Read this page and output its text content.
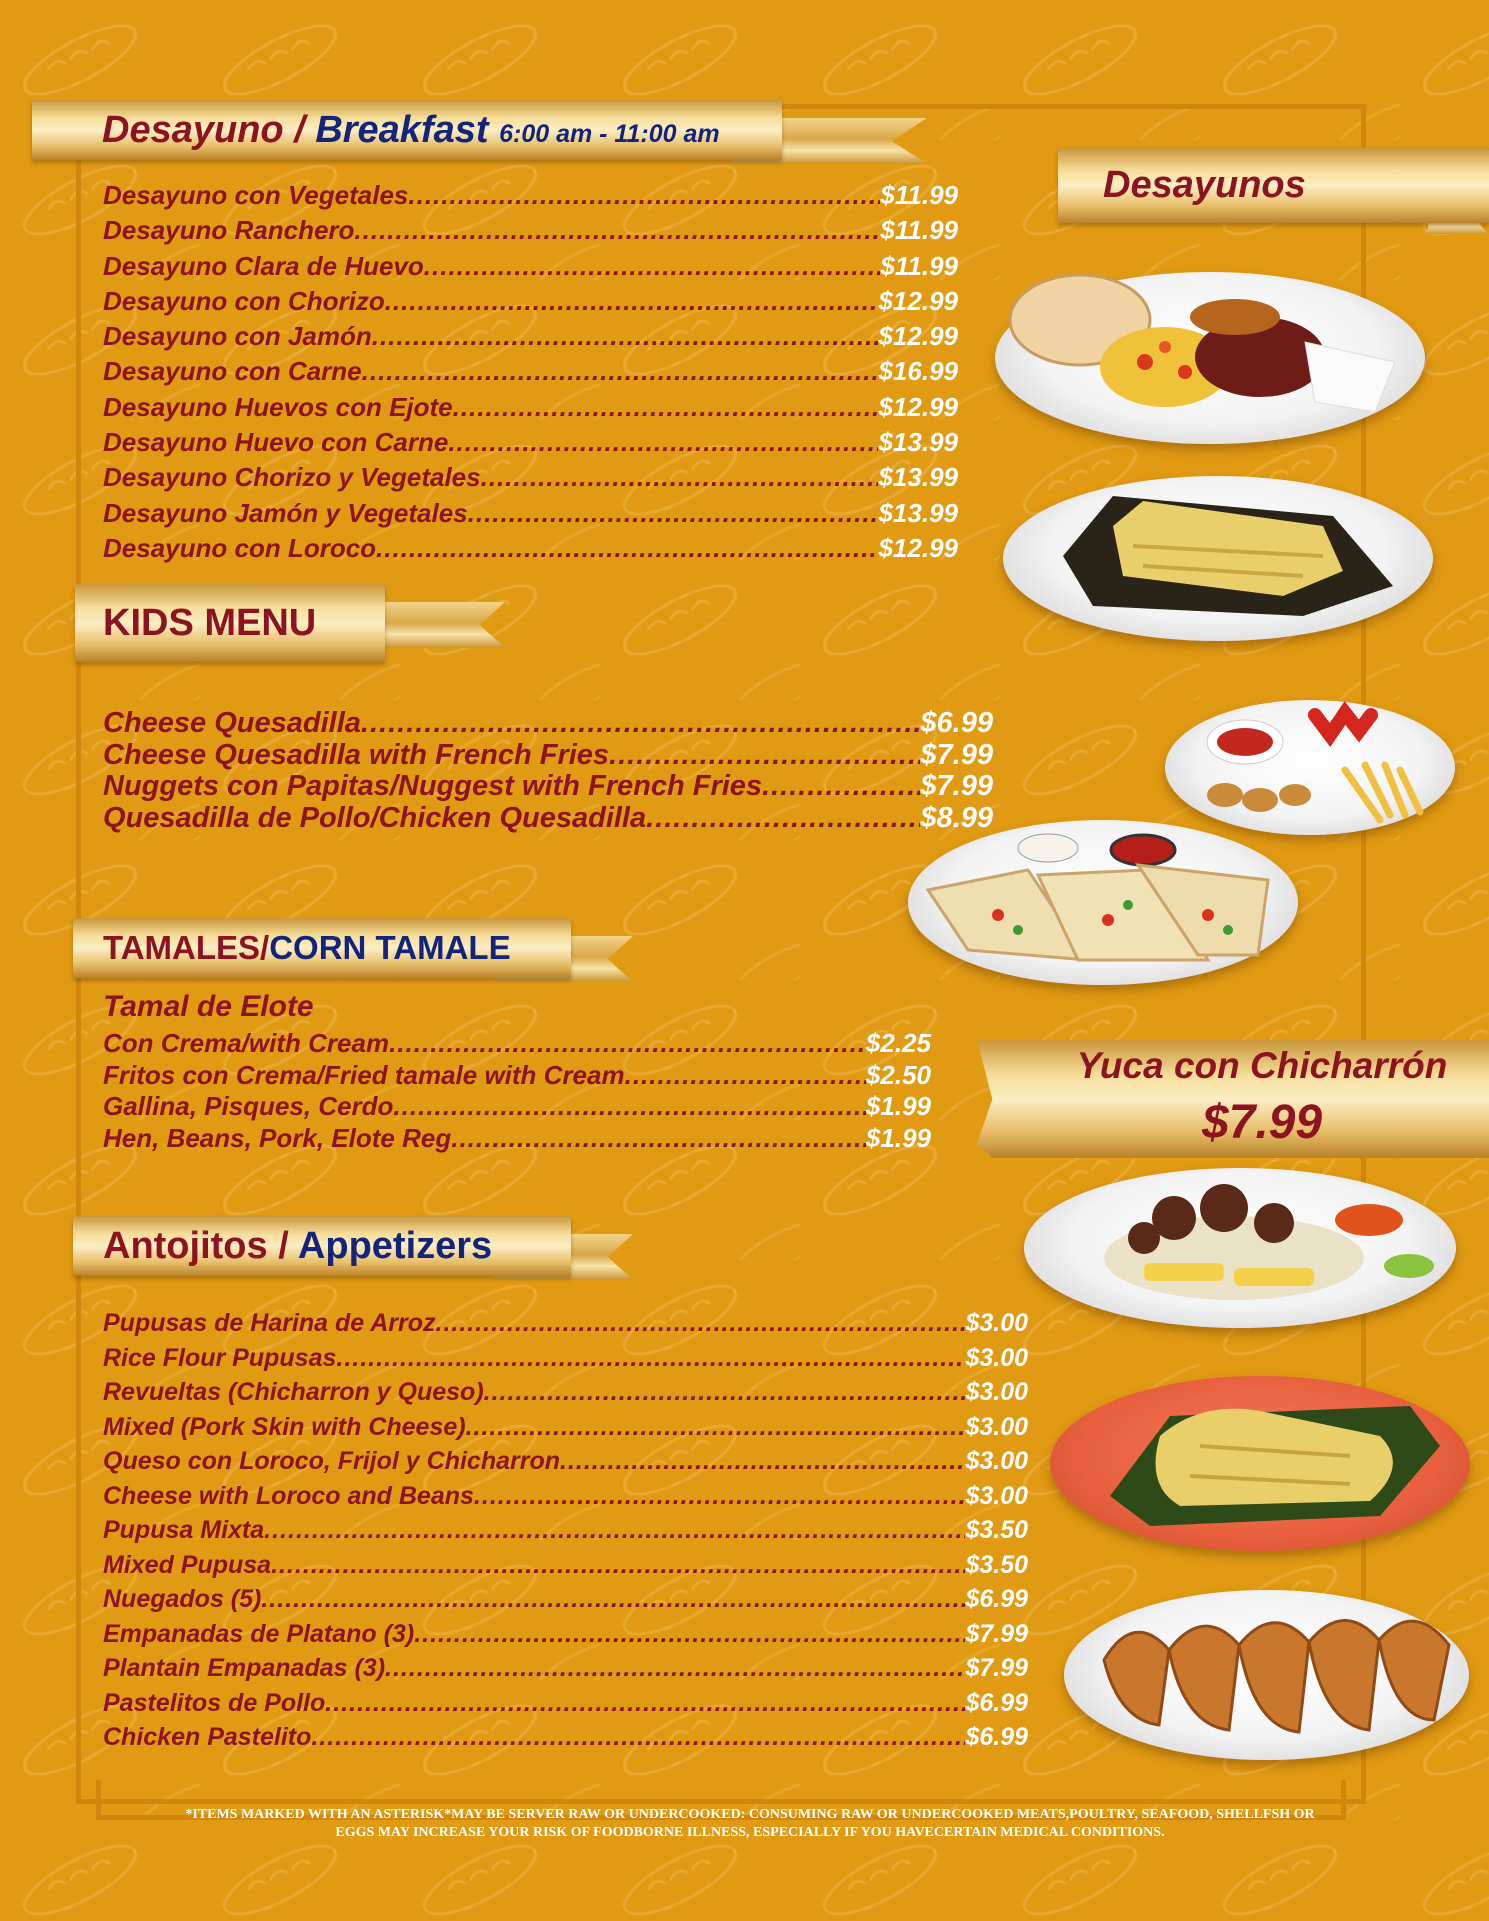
Desayuno / Breakfast 6:00 am - 11:00 am
Desayuno con Vegetales .....	$11.99
Desayuno Ranchero .....	$11.99
Desayuno Clara de Huevo .....	$11.99
Desayuno con Chorizo .....	$12.99
Desayuno con Jamón .....	$12.99
Desayuno con Carne .....	$16.99
Desayuno Huevos con Ejote .....	$12.99
Desayuno Huevo con Carne .....	$13.99
Desayuno Chorizo y Vegetales .....	$13.99
Desayuno Jamón y Vegetales .....	$13.99
Desayuno con Loroco .....	$12.99
Desayunos
KIDS MENU
Cheese Quesadilla .....	$6.99
Cheese Quesadilla with French Fries .....	$7.99
Nuggets con Papitas/Nuggest with French Fries .....	$7.99
Quesadilla de Pollo/Chicken Quesadilla .....	$8.99
TAMALES/CORN TAMALE
Tamal de Elote
Con Crema/with Cream .....	$2.25
Fritos con Crema/Fried tamale with Cream .....	$2.50
Gallina, Pisques, Cerdo .....	$1.99
Hen, Beans, Pork, Elote Reg .....	$1.99
Yuca con Chicharrón
$7.99
Antojitos / Appetizers
Pupusas de Harina de Arroz .....	$3.00
Rice Flour Pupusas .....	$3.00
Revueltas (Chicharron y Queso) .....	$3.00
Mixed (Pork Skin with Cheese) .....	$3.00
Queso con Loroco, Frijol y Chicharron .....	$3.00
Cheese with Loroco and Beans .....	$3.00
Pupusa Mixta .....	$3.50
Mixed Pupusa .....	$3.50
Nuegados (5) .....	$6.99
Empanadas de Platano (3) .....	$7.99
Plantain Empanadas (3) .....	$7.99
Pastelitos de Pollo .....	$6.99
Chicken Pastelito .....	$6.99
*ITEMS MARKED WITH AN ASTERISK*MAY BE SERVER RAW OR UNDERCOOKED: CONSUMING RAW OR UNDERCOOKED MEATS,POULTRY, SEAFOOD, SHELLFSH OR EGGS MAY INCREASE YOUR RISK OF FOODBORNE ILLNESS, ESPECIALLY IF YOU HAVECERTAIN MEDICAL CONDITIONS.
